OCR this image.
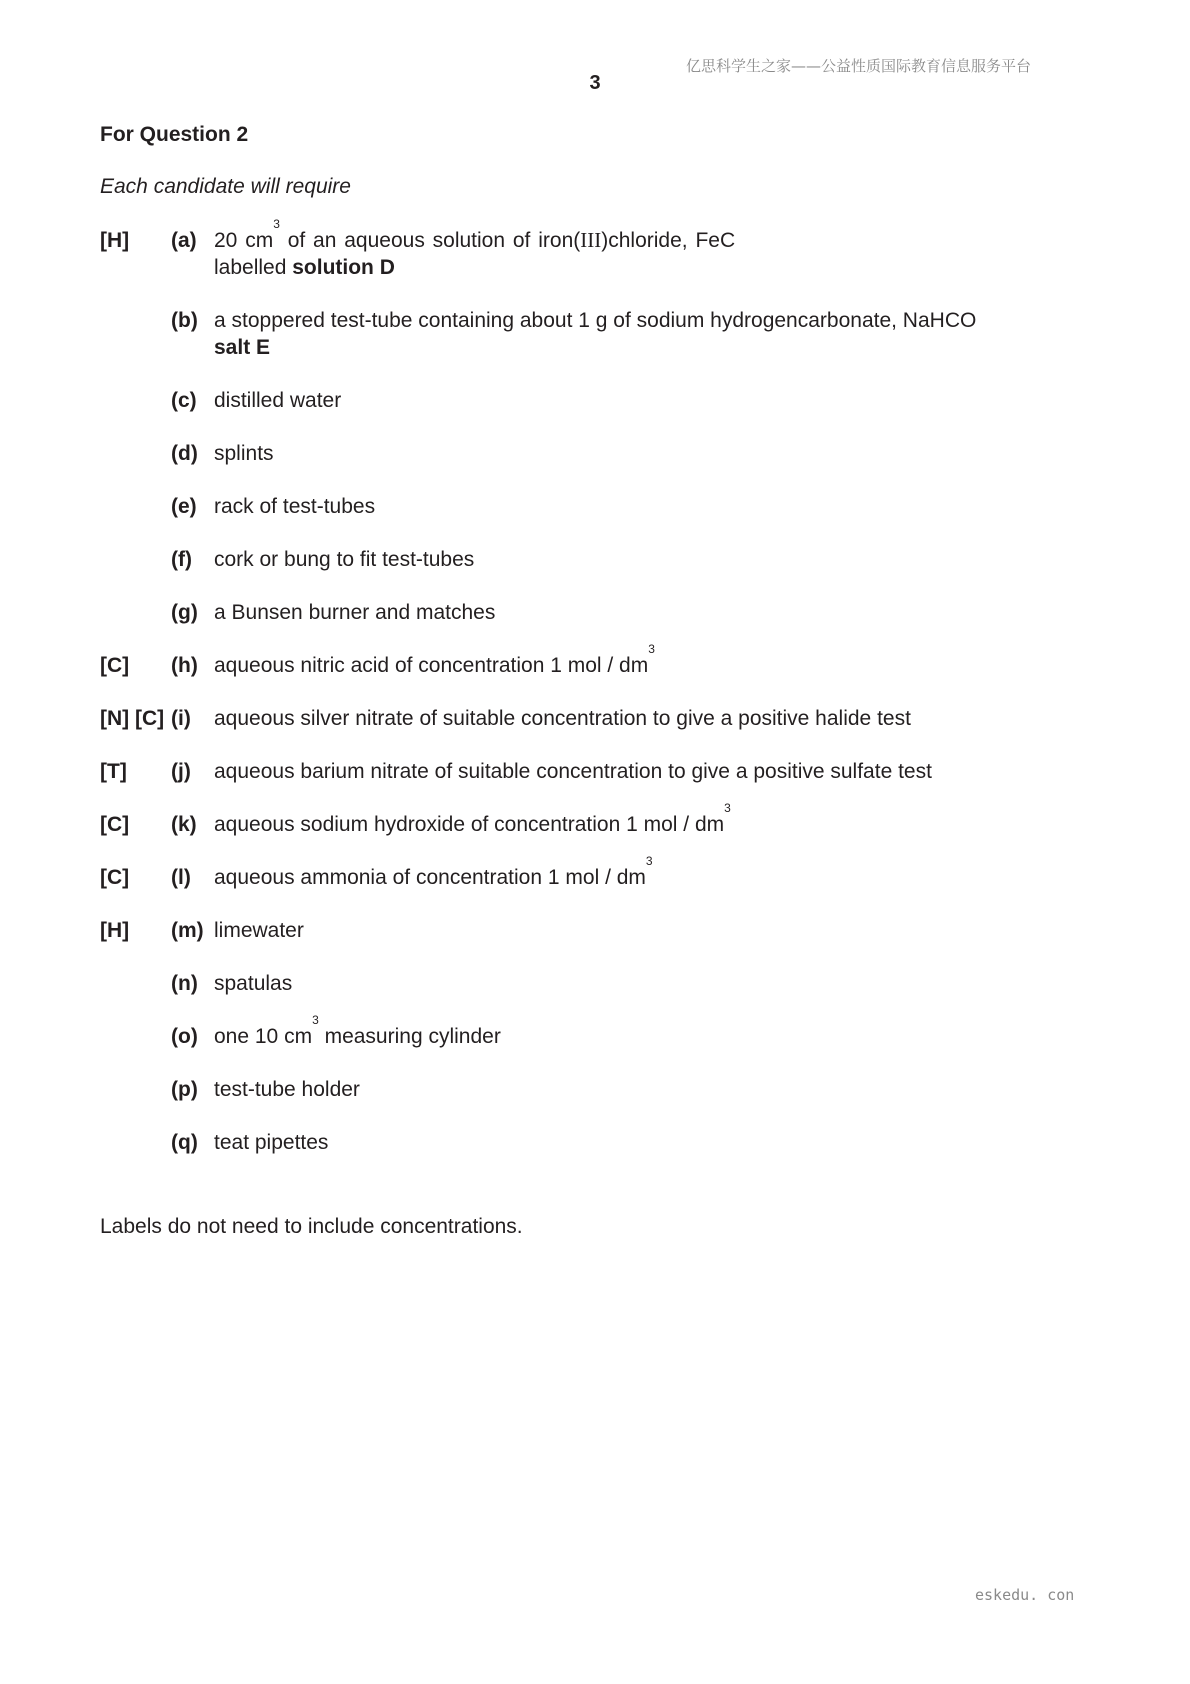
亿思科学生之家——公益性质国际教育信息服务平台
3
For Question 2
Each candidate will require
[H] (a) 20 $cm^3$ of an aqueous solution of iron(III)chloride, FeC
labelled solution D
(b) a stoppered test-tube containing about 1 g of sodium hydrogencarbonate, NaHCO
salt E
(c) distilled water
(d) splints
(e) rack of test-tubes
(f) cork or bung to fit test-tubes
(g) a Bunsen burner and matches
[C] (h) aqueous nitric acid of concentration 1 mol / $dm^3$
[N] [C] (i) aqueous silver nitrate of suitable concentration to give a positive halide test
[T] (j) aqueous barium nitrate of suitable concentration to give a positive sulfate test
[C] (k) aqueous sodium hydroxide of concentration 1 mol / $dm^3$
[C] (l) aqueous ammonia of concentration 1 mol / $dm^3$
[H] (m) limewater
(n) spatulas
(o) one 10 $cm^3$ measuring cylinder
(p) test-tube holder
(q) teat pipettes
Labels do not need to include concentrations.
eskedu. con
